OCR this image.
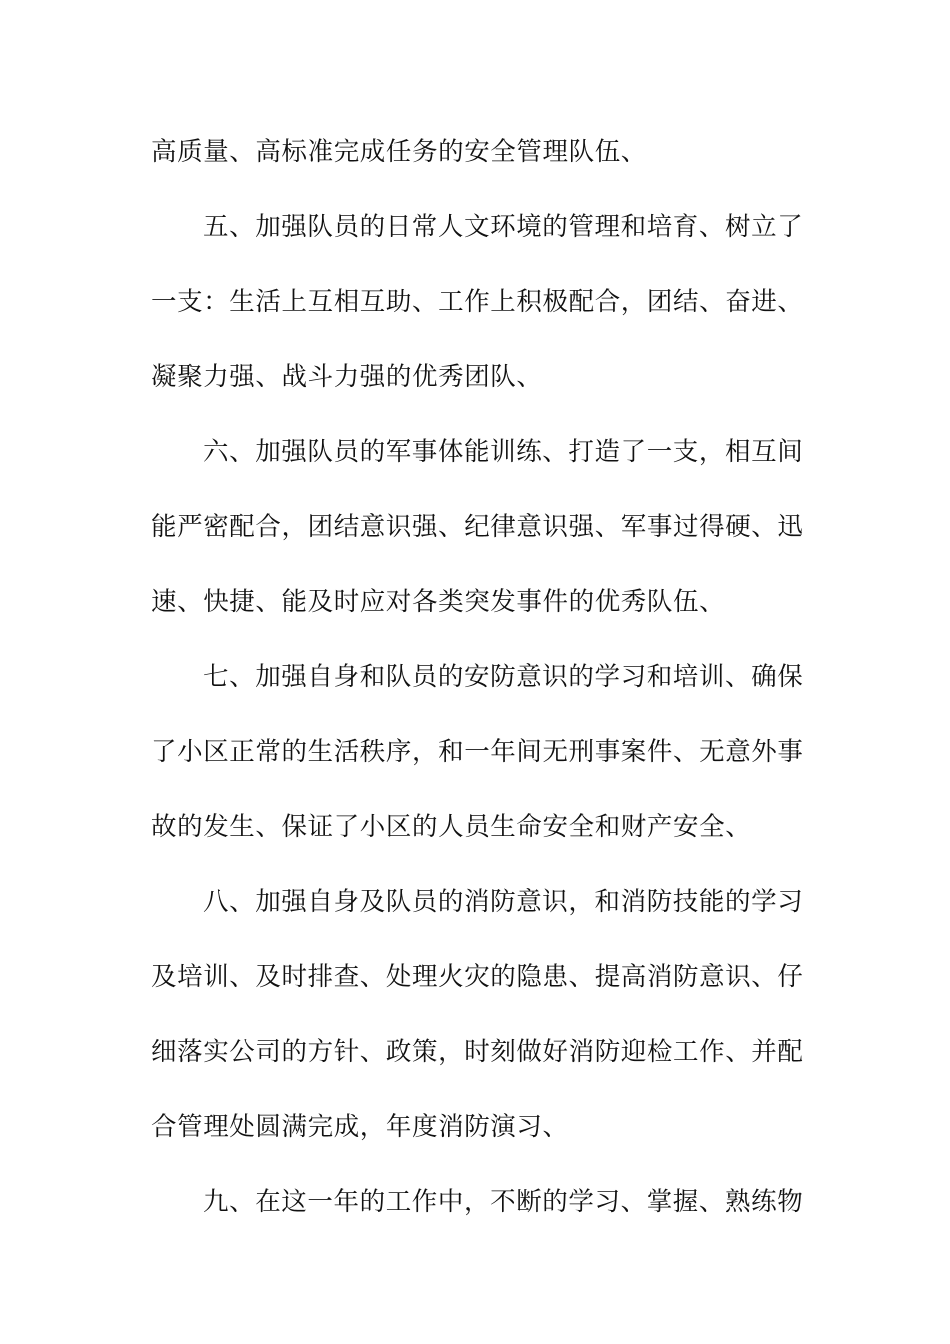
高质量、高标准完成任务的安全管理队伍、
五、加强队员的日常人文环境的管理和培育、树立了
一支：生活上互相互助、工作上积极配合，团结、奋进、
凝聚力强、战斗力强的优秀团队、
六、加强队员的军事体能训练、打造了一支，相互间
能严密配合，团结意识强、纪律意识强、军事过得硬、迅
速、快捷、能及时应对各类突发事件的优秀队伍、
七、加强自身和队员的安防意识的学习和培训、确保
了小区正常的生活秩序，和一年间无刑事案件、无意外事
故的发生、保证了小区的人员生命安全和财产安全、
八、加强自身及队员的消防意识，和消防技能的学习
及培训、及时排查、处理火灾的隐患、提高消防意识、仔
细落实公司的方针、政策，时刻做好消防迎检工作、并配
合管理处圆满完成，年度消防演习、
九、在这一年的工作中，不断的学习、掌握、熟练物
